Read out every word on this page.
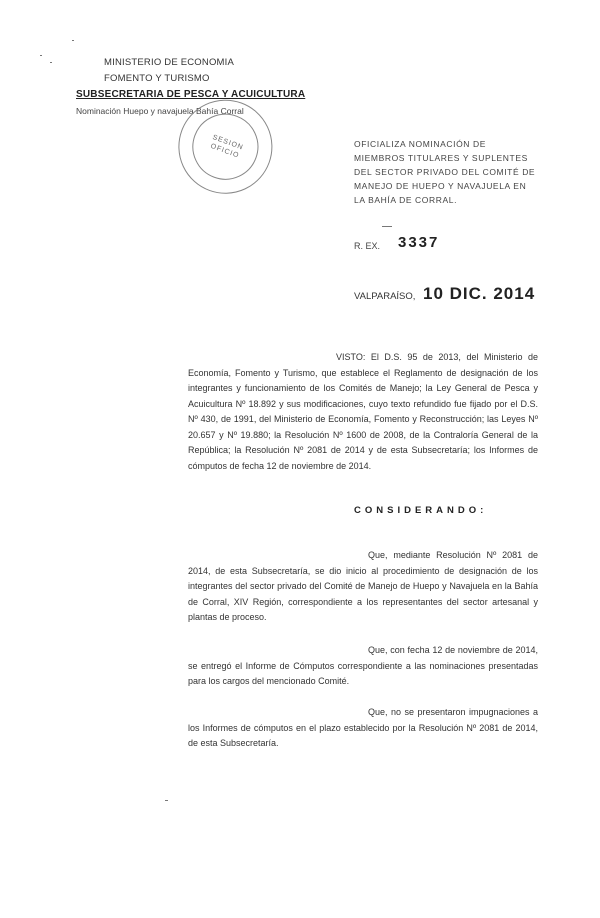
MINISTERIO DE ECONOMIA
FOMENTO Y TURISMO
SUBSECRETARIA DE PESCA Y ACUICULTURA
Nominación Huepo y navajuela Bahía Corral
SESION OFICIO	OFICIALIZA NOMINACIÓN DE MIEMBROS TITULARES Y SUPLENTES DEL SECTOR PRIVADO DEL COMITÉ DE MANEJO DE HUEPO Y NAVAJUELA EN LA BAHÍA DE CORRAL.
R. EX. 3337
VALPARAÍSO, 10 DIC. 2014
VISTO: El D.S. 95 de 2013, del Ministerio de Economía, Fomento y Turismo, que establece el Reglamento de designación de los integrantes y funcionamiento de los Comités de Manejo; la Ley General de Pesca y Acuicultura Nº 18.892 y sus modificaciones, cuyo texto refundido fue fijado por el D.S. Nº 430, de 1991, del Ministerio de Economía, Fomento y Reconstrucción; las Leyes Nº 20.657 y Nº 19.880; la Resolución Nº 1600 de 2008, de la Contraloría General de la República; la Resolución Nº 2081 de 2014 y de esta Subsecretaría; los Informes de cómputos de fecha 12 de noviembre de 2014.
CONSIDERANDO:
Que, mediante Resolución Nº 2081 de 2014, de esta Subsecretaría, se dio inicio al procedimiento de designación de los integrantes del sector privado del Comité de Manejo de Huepo y Navajuela en la Bahía de Corral, XIV Región, correspondiente a los representantes del sector artesanal y plantas de proceso.
Que, con fecha 12 de noviembre de 2014, se entregó el Informe de Cómputos correspondiente a las nominaciones presentadas para los cargos del mencionado Comité.
Que, no se presentaron impugnaciones a los Informes de cómputos en el plazo establecido por la Resolución Nº 2081 de 2014, de esta Subsecretaría.
